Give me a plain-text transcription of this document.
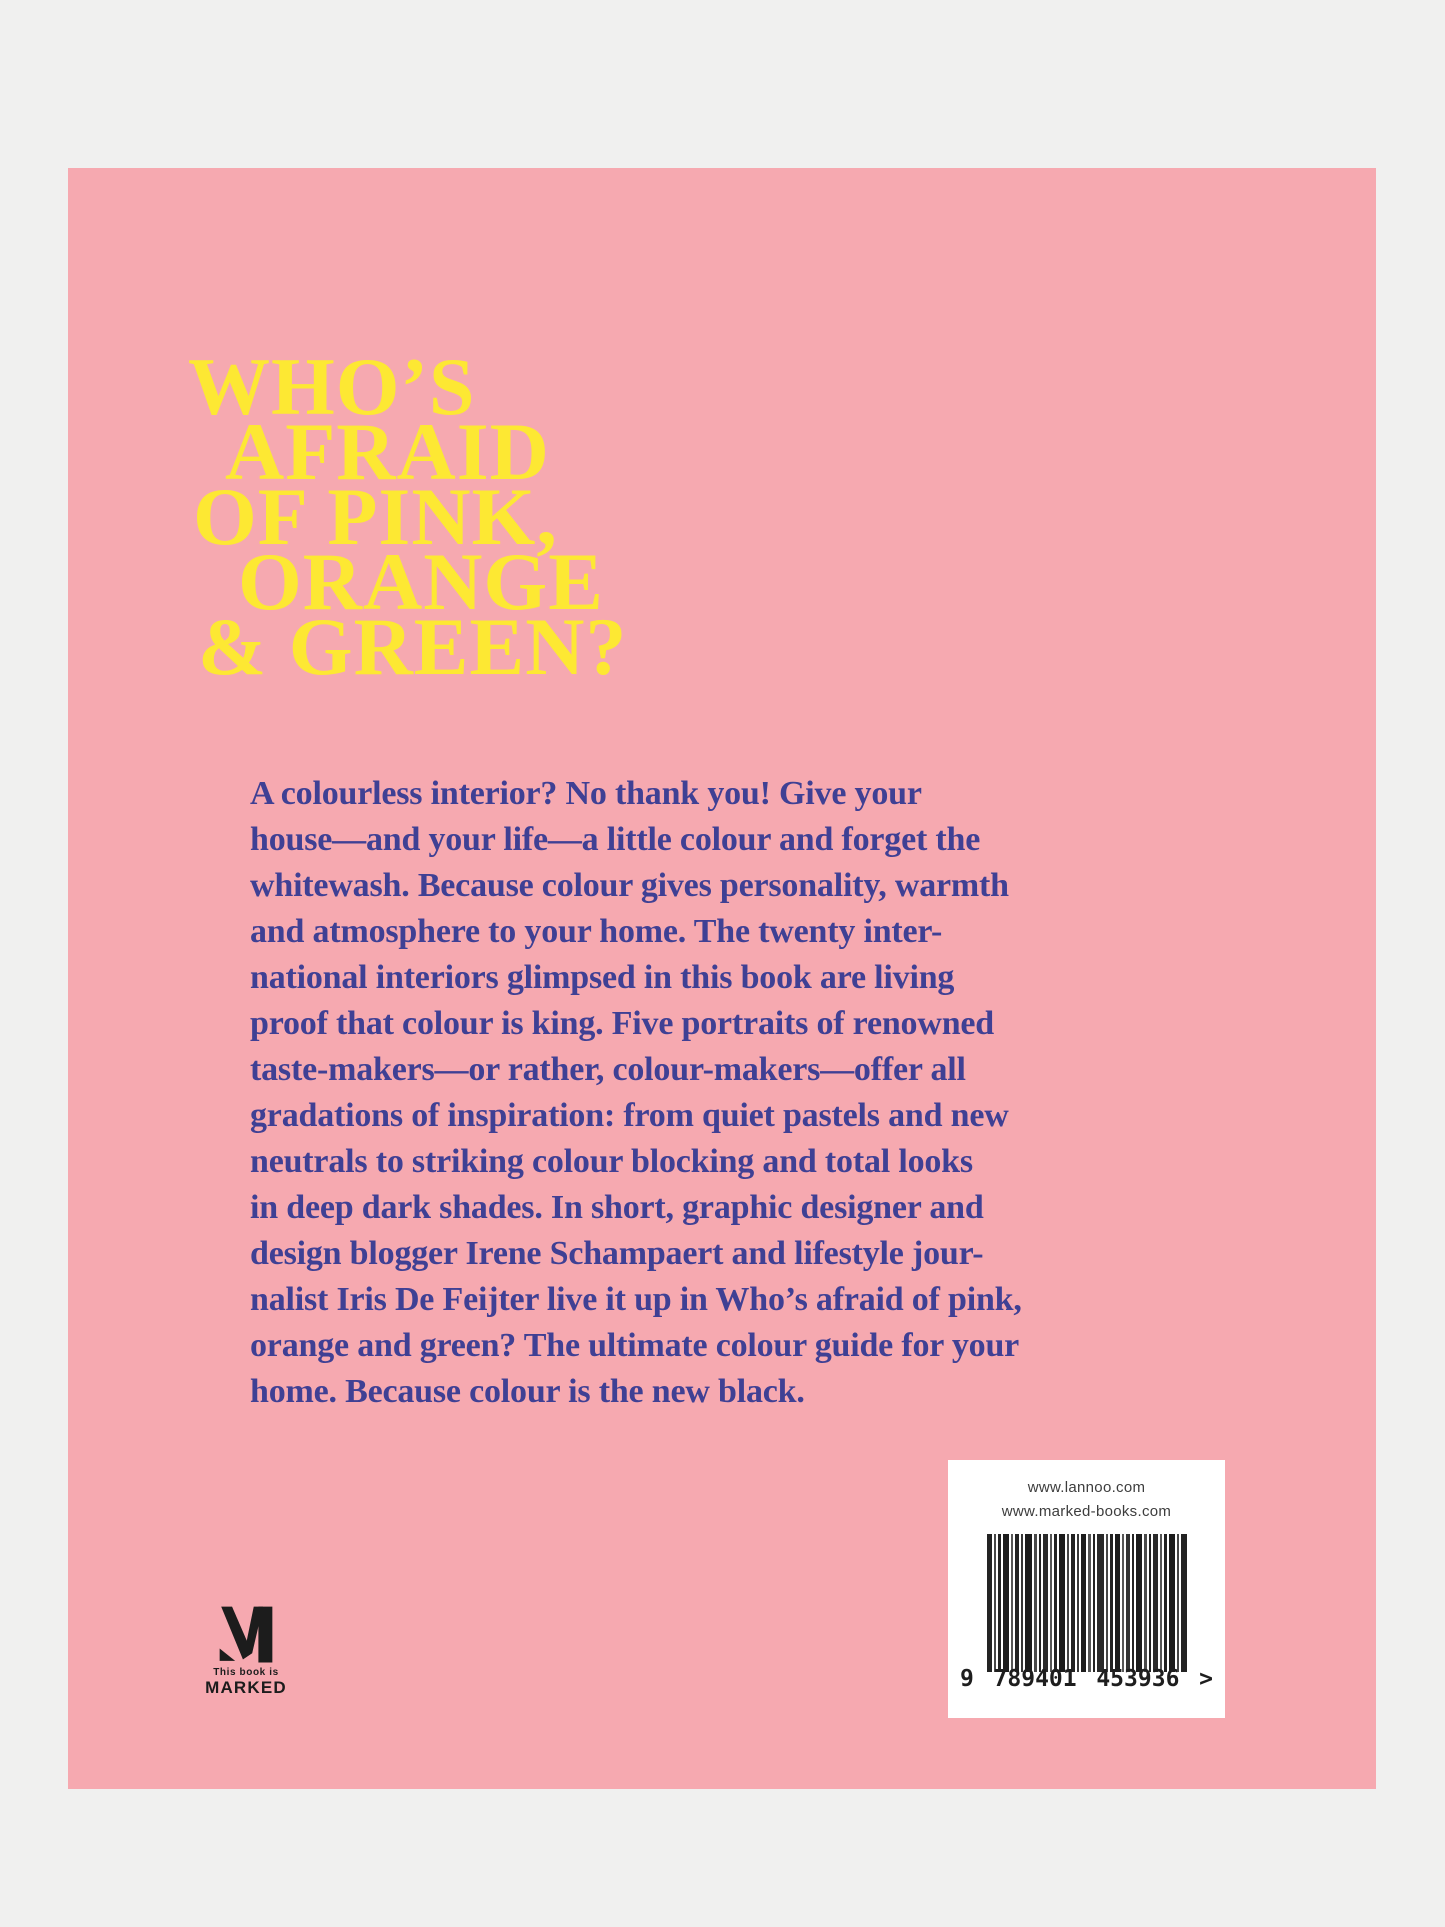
WHO’S
AFRAID
OF PINK,
ORANGE
& GREEN?
A colourless interior? No thank you! Give your
house—and your life—a little colour and forget the
whitewash. Because colour gives personality, warmth
and atmosphere to your home. The twenty inter-
national interiors glimpsed in this book are living
proof that colour is king. Five portraits of renowned
taste-makers—or rather, colour-makers—offer all
gradations of inspiration: from quiet pastels and new
neutrals to striking colour blocking and total looks
in deep dark shades. In short, graphic designer and
design blogger Irene Schampaert and lifestyle jour-
nalist Iris De Feijter live it up in Who’s afraid of pink,
orange and green? The ultimate colour guide for your
home. Because colour is the new black.
This book is
MARKED
www.lannoo.com
www.marked-books.com
9 789401 453936 >
